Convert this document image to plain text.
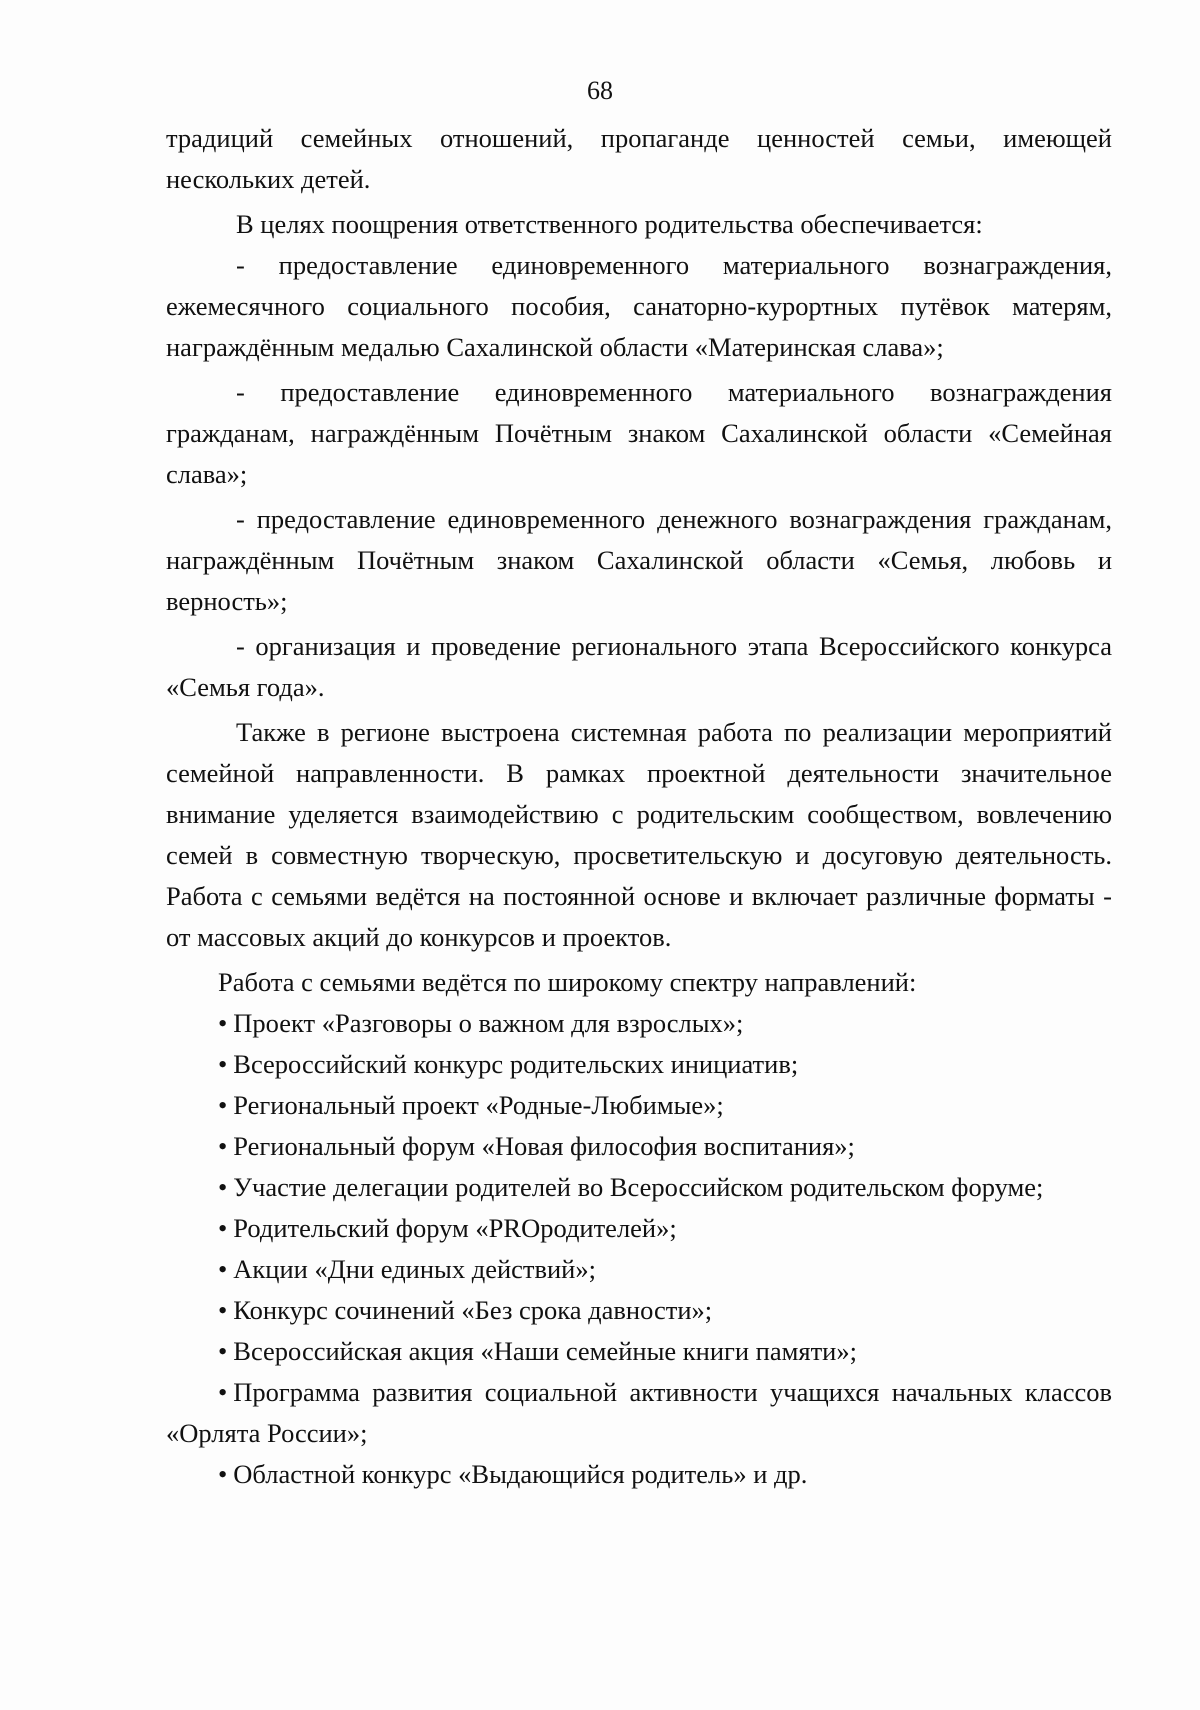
68

традиций семейных отношений, пропаганде ценностей семьи, имеющей нескольких детей.

В целях поощрения ответственного родительства обеспечивается:

- предоставление единовременного материального вознаграждения, ежемесячного социального пособия, санаторно-курортных путёвок матерям, награждённым медалью Сахалинской области «Материнская слава»;

- предоставление единовременного материального вознаграждения гражданам, награждённым Почётным знаком Сахалинской области «Семейная слава»;

- предоставление единовременного денежного вознаграждения гражданам, награждённым Почётным знаком Сахалинской области «Семья, любовь и верность»;

- организация и проведение регионального этапа Всероссийского конкурса «Семья года».

Также в регионе выстроена системная работа по реализации мероприятий семейной направленности. В рамках проектной деятельности значительное внимание уделяется взаимодействию с родительским сообществом, вовлечению семей в совместную творческую, просветительскую и досуговую деятельность. Работа с семьями ведётся на постоянной основе и включает различные форматы - от массовых акций до конкурсов и проектов.

Работа с семьями ведётся по широкому спектру направлений:

• Проект «Разговоры о важном для взрослых»;
• Всероссийский конкурс родительских инициатив;
• Региональный проект «Родные-Любимые»;
• Региональный форум «Новая философия воспитания»;
• Участие делегации родителей во Всероссийском родительском форуме;
• Родительский форум «PROродителей»;
• Акции «Дни единых действий»;
• Конкурс сочинений «Без срока давности»;
• Всероссийская акция «Наши семейные книги памяти»;
• Программа развития социальной активности учащихся начальных классов «Орлята России»;
• Областной конкурс «Выдающийся родитель» и др.
